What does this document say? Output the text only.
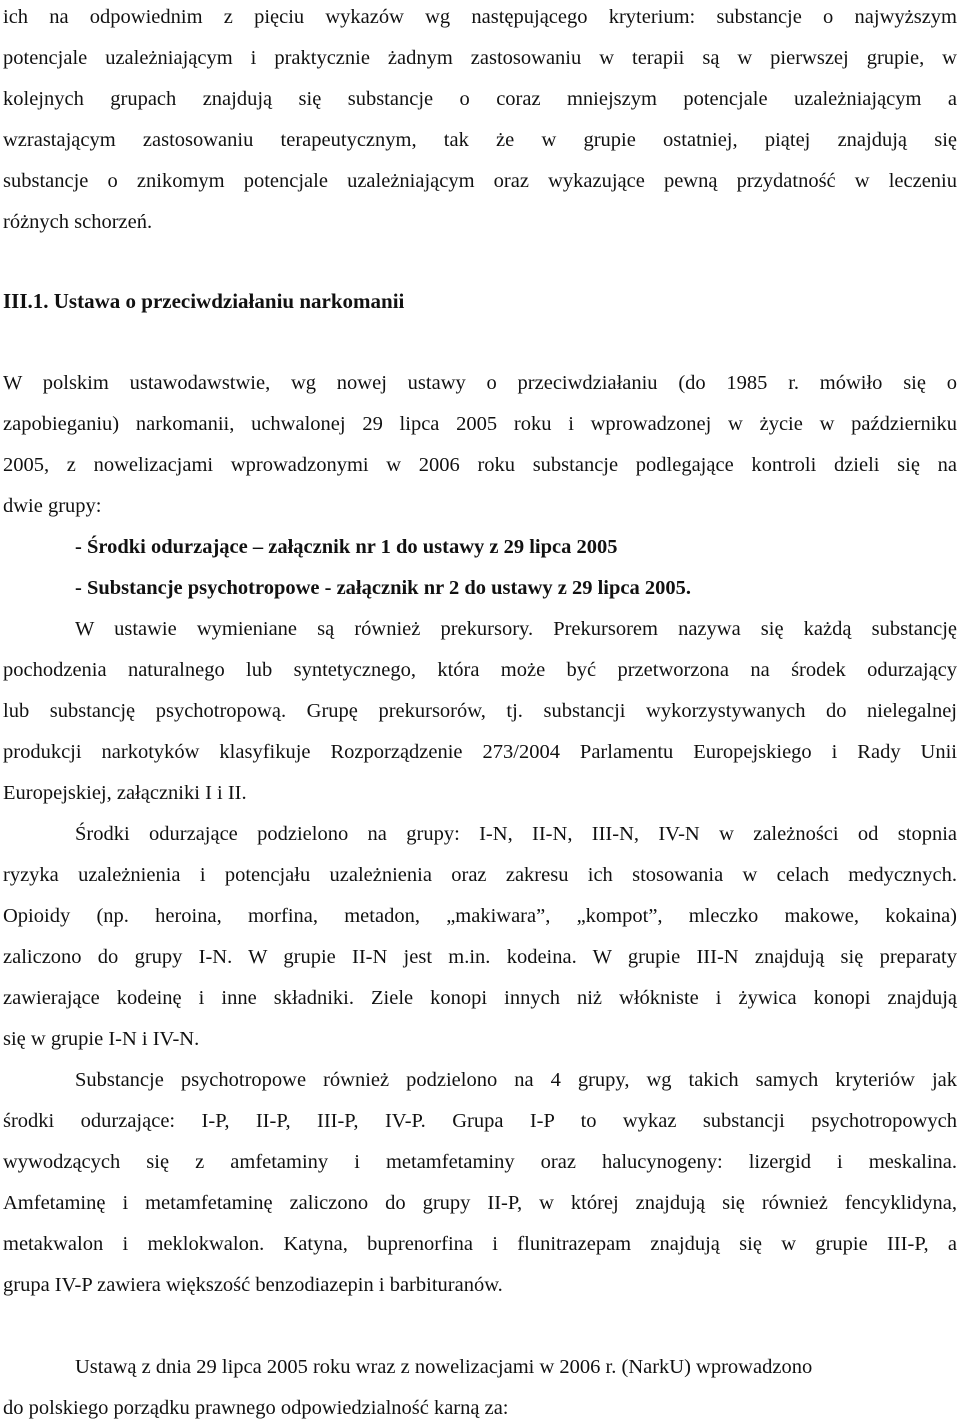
ich na odpowiednim z pięciu wykazów wg następującego kryterium: substancje o najwyższym
potencjale uzależniającym i praktycznie żadnym zastosowaniu w terapii są w pierwszej grupie, w
kolejnych grupach znajdują się substancje o coraz mniejszym potencjale uzależniającym a
wzrastającym zastosowaniu terapeutycznym, tak że w grupie ostatniej, piątej znajdują się
substancje o znikomym potencjale uzależniającym oraz wykazujące pewną przydatność w leczeniu
różnych schorzeń.
III.1. Ustawa o przeciwdziałaniu narkomanii
W polskim ustawodawstwie, wg nowej ustawy o przeciwdziałaniu (do 1985 r. mówiło się o
zapobieganiu) narkomanii, uchwalonej 29 lipca 2005 roku i wprowadzonej w życie w październiku
2005, z nowelizacjami wprowadzonymi w 2006 roku substancje podlegające kontroli dzieli się na
dwie grupy:
- Środki odurzające – załącznik nr 1 do ustawy z 29 lipca 2005
- Substancje psychotropowe - załącznik nr 2 do ustawy z 29 lipca 2005.
W ustawie wymieniane są również prekursory. Prekursorem nazywa się każdą substancję
pochodzenia naturalnego lub syntetycznego, która może być przetworzona na środek odurzający
lub substancję psychotropową. Grupę prekursorów, tj. substancji wykorzystywanych do nielegalnej
produkcji narkotyków klasyfikuje Rozporządzenie 273/2004 Parlamentu Europejskiego i Rady Unii
Europejskiej, załączniki I i II.
Środki odurzające podzielono na grupy: I-N, II-N, III-N, IV-N w zależności od stopnia
ryzyka uzależnienia i potencjału uzależnienia oraz zakresu ich stosowania w celach medycznych.
Opioidy (np. heroina, morfina, metadon, „makiwara”, „kompot”, mleczko makowe, kokaina)
zaliczono do grupy I-N. W grupie II-N jest m.in. kodeina. W grupie III-N znajdują się preparaty
zawierające kodeinę i inne składniki. Ziele konopi innych niż włókniste i żywica konopi znajdują
się w grupie I-N i IV-N.
Substancje psychotropowe również podzielono na 4 grupy, wg takich samych kryteriów jak
środki odurzające: I-P, II-P, III-P, IV-P. Grupa I-P to wykaz substancji psychotropowych
wywodzących się z amfetaminy i metamfetaminy oraz halucynogeny: lizergid i meskalina.
Amfetaminę i metamfetaminę zaliczono do grupy II-P, w której znajdują się również fencyklidyna,
metakwalon i meklokwalon. Katyna, buprenorfina i flunitrazepam znajdują się w grupie III-P, a
grupa IV-P zawiera większość benzodiazepin i barbituranów.
Ustawą z dnia 29 lipca 2005 roku wraz z nowelizacjami w 2006 r. (NarkU) wprowadzono
do polskiego porządku prawnego odpowiedzialność karną za:
